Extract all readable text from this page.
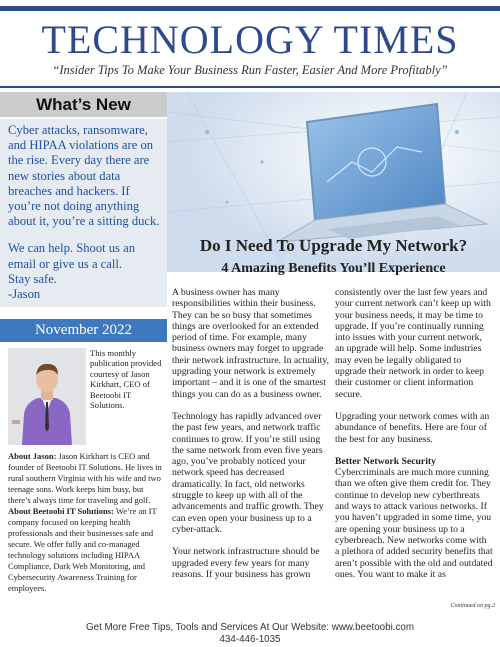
TECHNOLOGY TIMES
“Insider Tips To Make Your Business Run Faster, Easier And More Profitably”
What’s New

Cyber attacks, ransomware, and HIPAA violations are on the rise. Every day there are new stories about data breaches and hackers. If you’re not doing anything about it, you’re a sitting duck.

We can help. Shoot us an email or give us a call.
Stay safe.
-Jason

November 2022
This monthly publication provided courtesy of Jason Kirkhart, CEO of Beetoobi IT Solutions.
About Jason: Jason Kirkhart is CEO and founder of Beetoobi IT Solutions. He lives in rural southern Virginia with his wife and two teenage sons. Work keeps him busy, but there’s always time for traveling and golf.
About Beetoobi IT Solutions: We’re an IT company focused on keeping health professionals and their businesses safe and secure. We offer fully and co-managed technology solutions including HIPAA Compliance, Dark Web Monitoring, and Cybersecurity Awareness Training for employees.
Do I Need To Upgrade My Network?
4 Amazing Benefits You’ll Experience

A business owner has many responsibilities within their business. They can be so busy that sometimes things are overlooked for an extended period of time. For example, many business owners may forget to upgrade their network infrastructure. In actuality, upgrading your network is extremely important – and it is one of the smartest things you can do as a business owner.

Technology has rapidly advanced over the past few years, and network traffic continues to grow. If you’re still using the same network from even five years ago, you’ve probably noticed your network speed has decreased dramatically. In fact, old networks struggle to keep up with all of the advancements and traffic growth. They can even open your business up to a cyber-attack.

Your network infrastructure should be upgraded every few years for many reasons. If your business has grown

consistently over the last few years and your current network can’t keep up with your business needs, it may be time to upgrade. If you’re continually running into issues with your current network, an upgrade will help. Some industries may even be legally obligated to upgrade their network in order to keep their customer or client information secure.

Upgrading your network comes with an abundance of benefits. Here are four of the best for any business.

Better Network Security
Cybercriminals are much more cunning than we often give them credit for. They continue to develop new cyberthreats and ways to attack various networks. If you haven’t upgraded in some time, you are opening your business up to a cyberbreach. New networks come with a plethora of added security benefits that aren’t possible with the old and outdated ones. You want to make it as

Continued on pg.2
Get More Free Tips, Tools and Services At Our Website: www.beetoobi.com
434-446-1035
